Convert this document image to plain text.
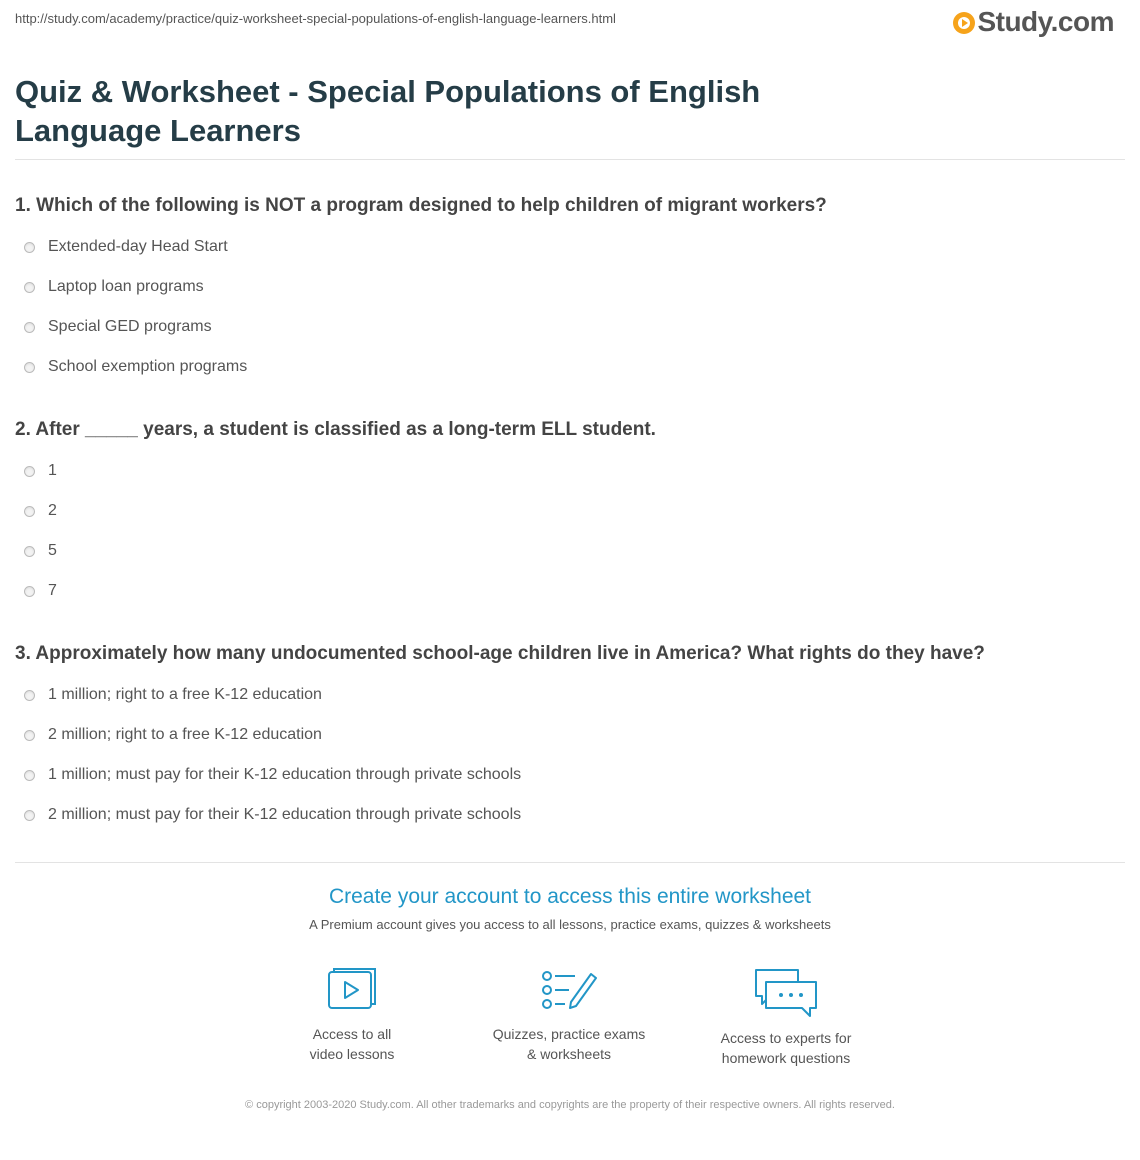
http://study.com/academy/practice/quiz-worksheet-special-populations-of-english-language-learners.html	Study.com
Quiz & Worksheet - Special Populations of English Language Learners

1. Which of the following is NOT a program designed to help children of migrant workers?

Extended-day Head Start
Laptop loan programs
Special GED programs
School exemption programs

2. After _____ years, a student is classified as a long-term ELL student.

1
2
5
7

3. Approximately how many undocumented school-age children live in America? What rights do they have?

1 million; right to a free K-12 education
2 million; right to a free K-12 education
1 million; must pay for their K-12 education through private schools
2 million; must pay for their K-12 education through private schools
Create your account to access this entire worksheet
A Premium account gives you access to all lessons, practice exams, quizzes & worksheets
Access to all
video lessons
Quizzes, practice exams
& worksheets
Access to experts for
homework questions
© copyright 2003-2020 Study.com. All other trademarks and copyrights are the property of their respective owners. All rights reserved.
